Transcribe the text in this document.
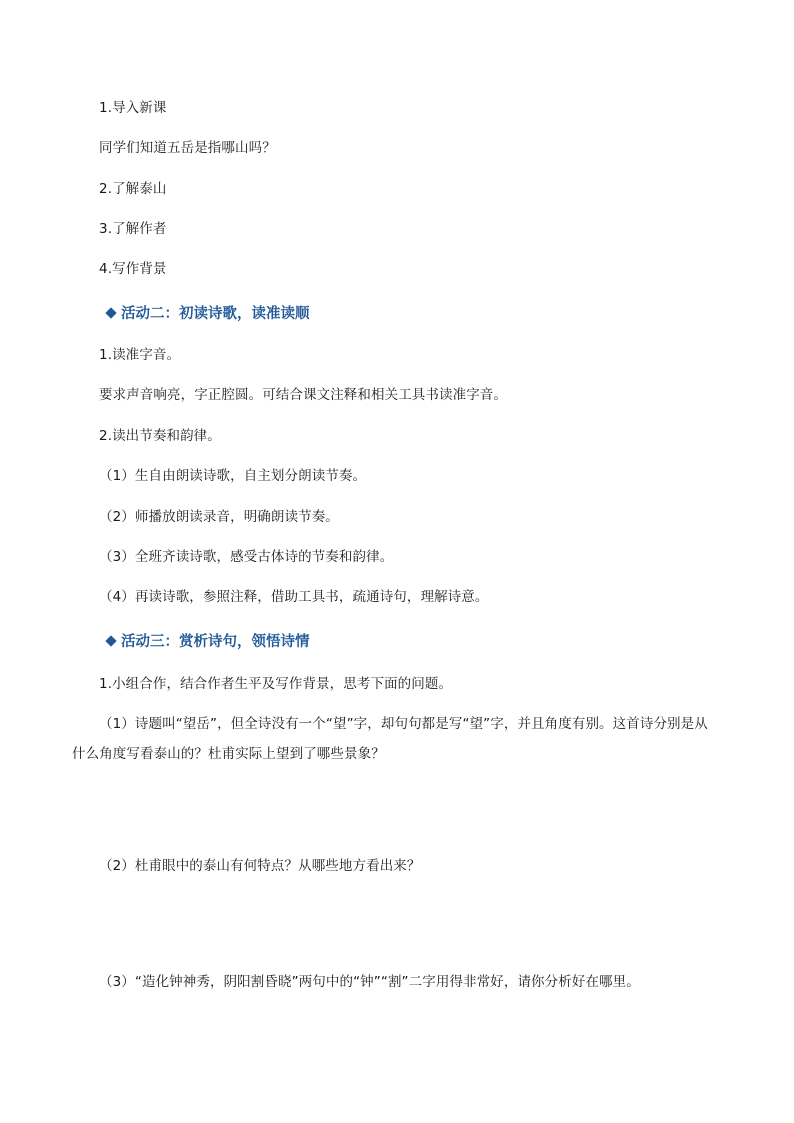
1.导入新课
同学们知道五岳是指哪山吗？
2.了解泰山
3.了解作者
4.写作背景
活动二：初读诗歌，读准读顺
1.读准字音。
要求声音响亮，字正腔圆。可结合课文注释和相关工具书读准字音。
2.读出节奏和韵律。
（1）生自由朗读诗歌，自主划分朗读节奏。
（2）师播放朗读录音，明确朗读节奏。
（3）全班齐读诗歌，感受古体诗的节奏和韵律。
（4）再读诗歌，参照注释，借助工具书，疏通诗句，理解诗意。
活动三：赏析诗句，领悟诗情
1.小组合作，结合作者生平及写作背景，思考下面的问题。
（1）诗题叫“望岳”，但全诗没有一个“望”字，却句句都是写“望”字，并且角度有别。这首诗分别是从
什么角度写看泰山的？杜甫实际上望到了哪些景象？
（2）杜甫眼中的泰山有何特点？从哪些地方看出来？
（3）“造化钟神秀，阴阳割昏晓”两句中的“钟”“割”二字用得非常好，请你分析好在哪里。
